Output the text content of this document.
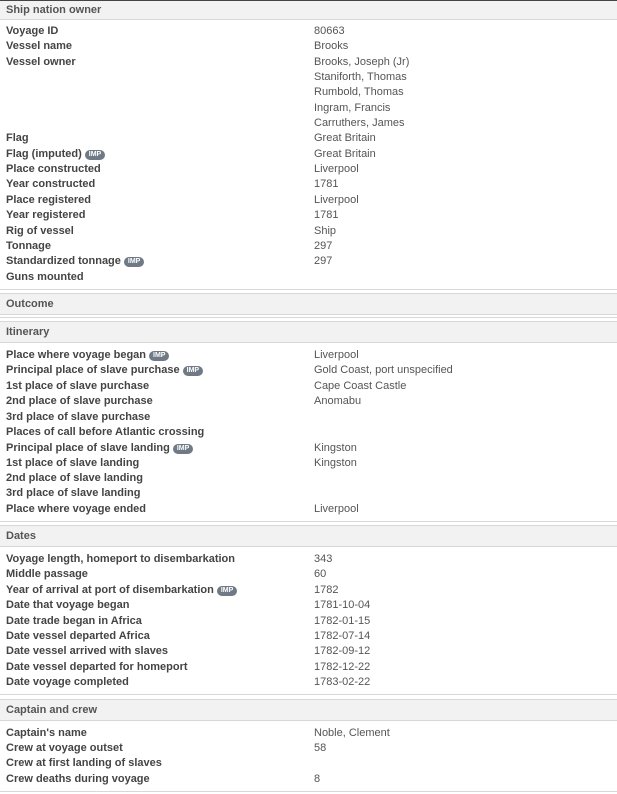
Ship nation owner
Voyage ID	80663
Vessel name	Brooks
Vessel owner	Brooks, Joseph (Jr)
Staniforth, Thomas
Rumbold, Thomas
Ingram, Francis
Carruthers, James
Flag	Great Britain
Flag (imputed) IMP	Great Britain
Place constructed	Liverpool
Year constructed	1781
Place registered	Liverpool
Year registered	1781
Rig of vessel	Ship
Tonnage	297
Standardized tonnage IMP	297
Guns mounted
Outcome
Itinerary
Place where voyage began IMP	Liverpool
Principal place of slave purchase IMP	Gold Coast, port unspecified
1st place of slave purchase	Cape Coast Castle
2nd place of slave purchase	Anomabu
3rd place of slave purchase
Places of call before Atlantic crossing
Principal place of slave landing IMP	Kingston
1st place of slave landing	Kingston
2nd place of slave landing
3rd place of slave landing
Place where voyage ended	Liverpool
Dates
Voyage length, homeport to disembarkation	343
Middle passage	60
Year of arrival at port of disembarkation IMP	1782
Date that voyage began	1781-10-04
Date trade began in Africa	1782-01-15
Date vessel departed Africa	1782-07-14
Date vessel arrived with slaves	1782-09-12
Date vessel departed for homeport	1782-12-22
Date voyage completed	1783-02-22
Captain and crew
Captain's name	Noble, Clement
Crew at voyage outset	58
Crew at first landing of slaves
Crew deaths during voyage	8
